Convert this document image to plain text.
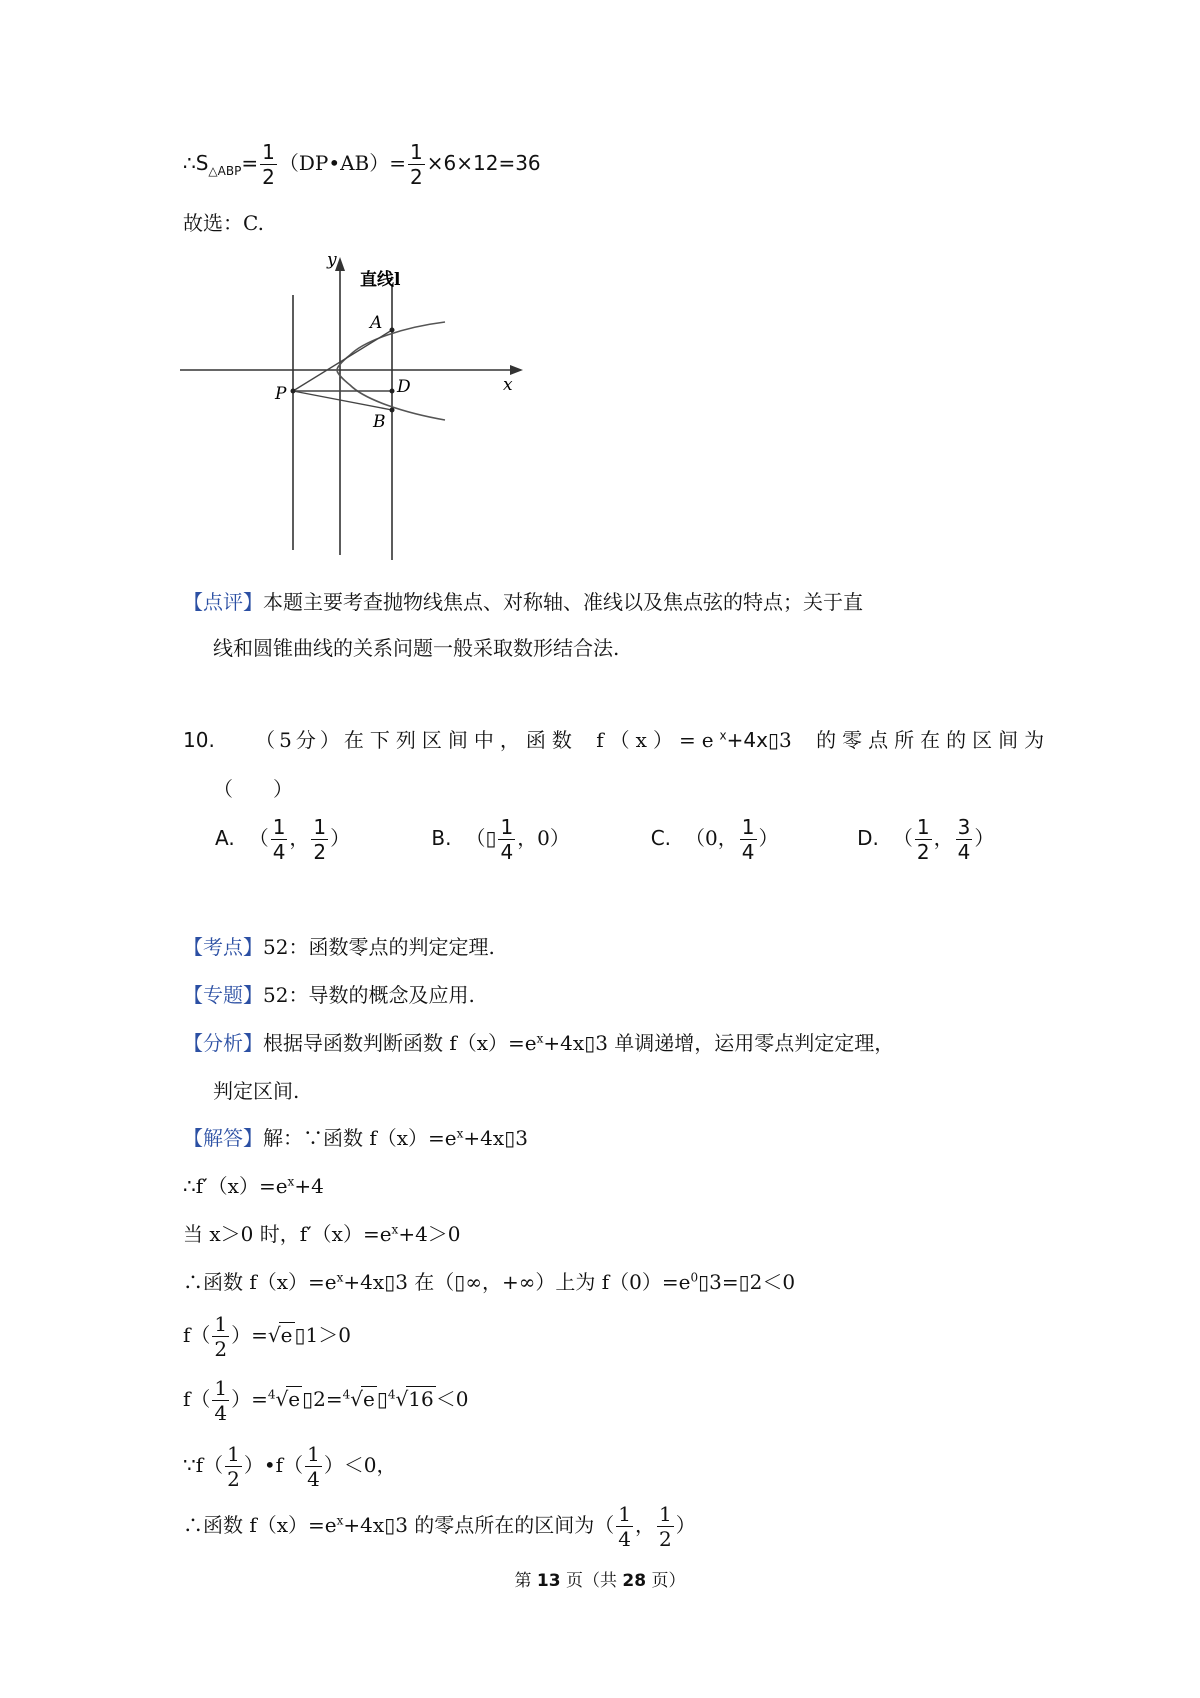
$\therefore S_{\triangle ABP}= \frac{1}{2}$ （DP•AB）= $\frac{1}{2} \times 6\times 12=36$
故选：C.
y
x
直线l
A
P	D
B
【点评】本题主要考查抛物线焦点、对称轴、准线以及焦点弦的特点；关于直
线和圆锥曲线的关系问题一般采取数形结合法.
10. （5分）在下列区间中，函数 $f(x)=e^x+4x▯3$ 的零点所在的区间为
（　　）
A. （ $\frac{1}{4}$ ， $\frac{1}{2}$ ）	B. （▯ $\frac{1}{4}$ ，0）	C. （0， $\frac{1}{4}$ ）	D. （ $\frac{1}{2}$ ， $\frac{3}{4}$ ）
【考点】52：函数零点的判定定理.
【专题】52：导数的概念及应用.
【分析】根据导函数判断函数 $f(x)=e^x+4x▯3$ 单调递增，运用零点判定定理，
判定区间.
【解答】解：∵函数 $f(x)=e^x+4x▯3$
$\therefore f'(x)=e^x+4$
当 x＞0 时，$f'(x)=e^x+4>0$
∴函数 $f(x)=e^x+4x▯3$ 在（▯∞，+∞）上为 $f(0)=e^0▯3=▯2<0$
$f( \frac{1}{2} )=√e$ ▯1＞0
$f( \frac{1}{4} )=^4√e$ ▯2=$^4$√e ▯$^4$√16 ＜0
∵f（ $\frac{1}{2}$ ）•f（ $\frac{1}{4} )<0$，
∴函数 $f(x)=e^x+4x▯3$ 的零点所在的区间为（ $\frac{1}{4}$ ， $\frac{1}{2}$ ）
第 13 页（共 28 页）
